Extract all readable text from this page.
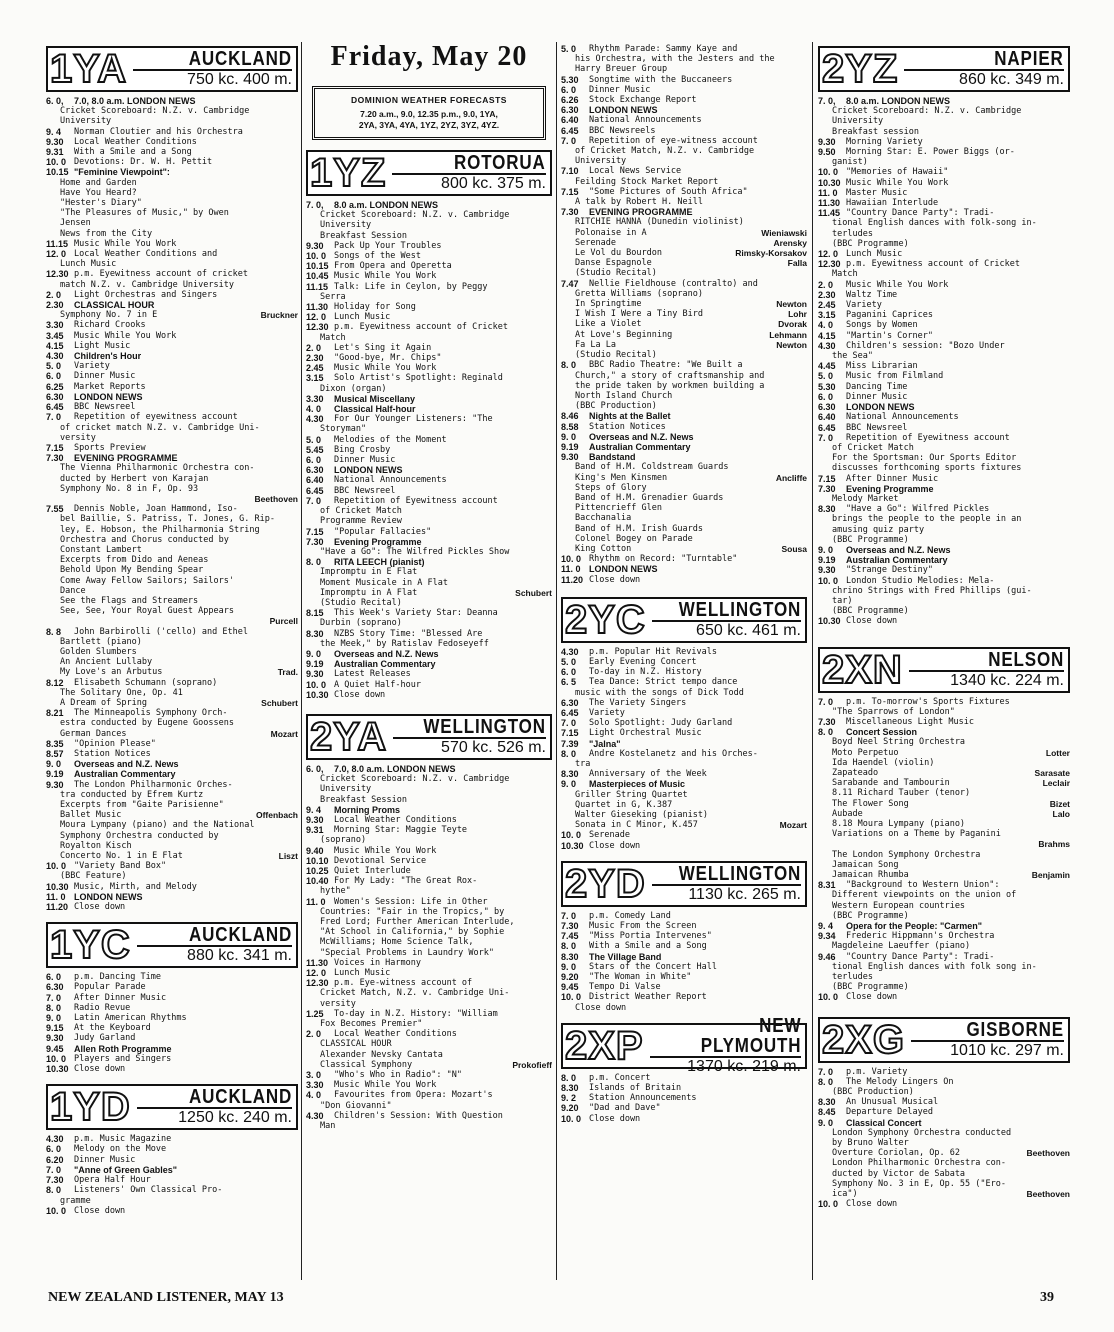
1YA	AUCKLAND
750 kc. 400 m.
6. 0,	7.0, 8.0 a.m. LONDON NEWS
Cricket Scoreboard: N.Z. v. Cambridge
University
9. 4	Norman Cloutier and his Orchestra
9.30	Local Weather Conditions
9.31	With a Smile and a Song
10. 0 Devotions: Dr. W. H. Pettit
10.15 "Feminine Viewpoint":
Home and Garden
Have You Heard?
"Hester's Diary"
"The Pleasures of Music," by Owen
Jensen
News from the City
11.15 Music While You Work
12. 0 Local Weather Conditions and
Lunch Music
12.30 p.m. Eyewitness account of cricket
match N.Z. v. Cambridge University
2. 0	Light Orchestras and Singers
2.30	CLASSICAL HOUR
Symphony No. 7 in E	Bruckner
3.30	Richard Crooks
3.45	Music While You Work
4.15	Light Music
4.30	Children's Hour
5. 0	Variety
6. 0	Dinner Music
6.25	Market Reports
6.30	LONDON NEWS
6.45	BBC Newsreel
7. 0	Repetition of eyewitness account
of cricket match N.Z. v. Cambridge Uni-
versity
7.15	Sports Preview
7.30	EVENING PROGRAMME
The Vienna Philharmonic Orchestra con-
ducted by Herbert von Karajan
Symphony No. 8 in F, Op. 93
Beethoven
7.55	Dennis Noble, Joan Hammond, Iso-
bel Baillie, S. Patriss, T. Jones, G. Rip-
ley, E. Hobson, the Philharmonia String
Orchestra and Chorus conducted by
Constant Lambert
Excerpts from Dido and Aeneas
Behold Upon My Bending Spear
Come Away Fellow Sailors; Sailors'
Dance
See the Flags and Streamers
See, See, Your Royal Guest Appears
Purcell
8. 8	John Barbirolli ('cello) and Ethel
Bartlett (piano)
Golden Slumbers
An Ancient Lullaby
My Love's an Arbutus	Trad.
8.12	Elisabeth Schumann (soprano)
The Solitary One, Op. 41
A Dream of Spring	Schubert
8.21	The Minneapolis Symphony Orch-
estra conducted by Eugene Goossens
German Dances	Mozart
8.35	"Opinion Please"
8.57	Station Notices
9. 0	Overseas and N.Z. News
9.19	Australian Commentary
9.30	The London Philharmonic Orches-
tra conducted by Efrem Kurtz
Excerpts from "Gaite Parisienne"
Ballet Music	Offenbach
Moura Lympany (piano) and the National
Symphony Orchestra conducted by
Royalton Kisch
Concerto No. 1 in E Flat	Liszt
10. 0 "Variety Band Box"
(BBC Feature)
10.30 Music, Mirth, and Melody
11. 0 LONDON NEWS
11.20 Close down
1YC	AUCKLAND
880 kc. 341 m.
6. 0	p.m. Dancing Time
6.30	Popular Parade
7. 0	After Dinner Music
8. 0	Radio Revue
9. 0	Latin American Rhythms
9.15	At the Keyboard
9.30	Judy Garland
9.45	Allen Roth Programme
10. 0 Players and Singers
10.30 Close down
1YD	AUCKLAND
1250 kc. 240 m.
4.30	p.m. Music Magazine
6. 0	Melody on the Move
6.20	Dinner Music
7. 0	"Anne of Green Gables"
7.30	Opera Half Hour
8. 0	Listeners' Own Classical Pro-
gramme
10. 0 Close down
Friday, May 20
DOMINION WEATHER FORECASTS
7.20 a.m., 9.0, 12.35 p.m., 9.0, 1YA,
2YA, 3YA, 4YA, 1YZ, 2YZ, 3YZ, 4YZ.
1YZ	ROTORUA
800 kc. 375 m.
7. 0,	8.0 a.m. LONDON NEWS
Cricket Scoreboard: N.Z. v. Cambridge
University
Breakfast Session
9.30	Pack Up Your Troubles
10. 0 Songs of the West
10.15 From Opera and Operetta
10.45 Music While You Work
11.15 Talk: Life in Ceylon, by Peggy
Serra
11.30 Holiday for Song
12. 0 Lunch Music
12.30 p.m. Eyewitness account of Cricket
Match
2. 0	Let's Sing it Again
2.30	"Good-bye, Mr. Chips"
2.45	Music While You Work
3.15	Solo Artist's Spotlight: Reginald
Dixon (organ)
3.30	Musical Miscellany
4. 0	Classical Half-hour
4.30	For Our Younger Listeners: "The
Storyman"
5. 0	Melodies of the Moment
5.45	Bing Crosby
6. 0	Dinner Music
6.30	LONDON NEWS
6.40	National Announcements
6.45	BBC Newsreel
7. 0	Repetition of Eyewitness account
of Cricket Match
Programme Review
7.15	"Popular Fallacies"
7.30	Evening Programme
"Have a Go": The Wilfred Pickles Show
8. 0	RITA LEECH (pianist)
Impromptu in E Flat
Moment Musicale in A Flat
Impromptu in A Flat	Schubert
(Studio Recital)
8.15	This Week's Variety Star: Deanna
Durbin (soprano)
8.30	NZBS Story Time: "Blessed Are
the Meek," by Ratislav Fedoseyeff
9. 0	Overseas and N.Z. News
9.19	Australian Commentary
9.30	Latest Releases
10. 0 A Quiet Half-hour
10.30 Close down
2YA	WELLINGTON
570 kc. 526 m.
6. 0,	7.0, 8.0 a.m. LONDON NEWS
Cricket Scoreboard: N.Z. v. Cambridge
University
Breakfast Session
9. 4	Morning Proms
9.30	Local Weather Conditions
9.31	Morning Star: Maggie Teyte
(soprano)
9.40	Music While You Work
10.10 Devotional Service
10.25 Quiet Interlude
10.40 For My Lady: "The Great Rox-
hythe"
11. 0 Women's Session: Life in Other
Countries: "Fair in the Tropics," by
Fred Lord; Further American Interlude,
"At School in California," by Sophie
McWilliams; Home Science Talk,
"Special Problems in Laundry Work"
11.30 Voices in Harmony
12. 0 Lunch Music
12.30 p.m. Eye-witness account of
Cricket Match, N.Z. v. Cambridge Uni-
versity
1.25	To-day in N.Z. History: "William
Fox Becomes Premier"
2. 0	Local Weather Conditions
CLASSICAL HOUR
Alexander Nevsky Cantata
Classical Symphony	Prokofieff
3. 0	"Who's Who in Radio": "N"
3.30	Music While You Work
4. 0	Favourites from Opera: Mozart's
"Don Giovanni"
4.30	Children's Session: With Question
Man
5. 0	Rhythm Parade: Sammy Kaye and
his Orchestra, with the Jesters and the
Harry Breuer Group
5.30	Songtime with the Buccaneers
6. 0	Dinner Music
6.26	Stock Exchange Report
6.30	LONDON NEWS
6.40	National Announcements
6.45	BBC Newsreels
7. 0	Repetition of eye-witness account
of Cricket Match, N.Z. v. Cambridge
University
7.10	Local News Service
Feilding Stock Market Report
7.15	"Some Pictures of South Africa"
A talk by Robert H. Neill
7.30	EVENING PROGRAMME
RITCHIE HANNA (Dunedin violinist)
Polonaise in A	Wieniawski
Serenade	Arensky
Le Vol du Bourdon	Rimsky-Korsakov
Danse Espagnole	Falla
(Studio Recital)
7.47	Nellie Fieldhouse (contralto) and
Gretta Williams (soprano)
In Springtime	Newton
I Wish I Were a Tiny Bird	Lohr
Like a Violet	Dvorak
At Love's Beginning	Lehmann
Fa La La	Newton
(Studio Recital)
8. 0	BBC Radio Theatre: "We Built a
Church," a story of craftsmanship and
the pride taken by workmen building a
North Island Church
(BBC Production)
8.46	Nights at the Ballet
8.58	Station Notices
9. 0	Overseas and N.Z. News
9.19	Australian Commentary
9.30	Bandstand
Band of H.M. Coldstream Guards
King's Men Kinsmen	Ancliffe
Steps of Glory
Band of H.M. Grenadier Guards
Pittencrieff Glen
Bacchanalia
Band of H.M. Irish Guards
Colonel Bogey on Parade
King Cotton	Sousa
10. 0 Rhythm on Record: "Turntable"
11. 0 LONDON NEWS
11.20 Close down
2YC	WELLINGTON
650 kc. 461 m.
4.30	p.m. Popular Hit Revivals
5. 0	Early Evening Concert
6. 0	To-day in N.Z. History
6. 5	Tea Dance: Strict tempo dance
music with the songs of Dick Todd
6.30	The Variety Singers
6.45	Variety
7. 0	Solo Spotlight: Judy Garland
7.15	Light Orchestral Music
7.39	"Jalna"
8. 0	Andre Kostelanetz and his Orches-
tra
8.30	Anniversary of the Week
9. 0	Masterpieces of Music
Griller String Quartet
Quartet in G, K.387
Walter Gieseking (pianist)
Sonata in C Minor, K.457	Mozart
10. 0 Serenade
10.30 Close down
2YD	WELLINGTON
1130 kc. 265 m.
7. 0	p.m. Comedy Land
7.30	Music From the Screen
7.45	"Miss Portia Intervenes"
8. 0	With a Smile and a Song
8.30	The Village Band
9. 0	Stars of the Concert Hall
9.20	"The Woman in White"
9.45	Tempo Di Valse
10. 0 District Weather Report
Close down
2XP	NEW PLYMOUTH
1370 kc. 219 m.
8. 0	p.m. Concert
8.30	Islands of Britain
9. 2	Station Announcements
9.20	"Dad and Dave"
10. 0 Close down
2YZ	NAPIER
860 kc. 349 m.
7. 0,	8.0 a.m. LONDON NEWS
Cricket Scoreboard: N.Z. v. Cambridge
University
Breakfast session
9.30	Morning Variety
9.50	Morning Star: E. Power Biggs (or-
ganist)
10. 0 "Memories of Hawaii"
10.30 Music While You Work
11. 0 Master Music
11.30 Hawaiian Interlude
11.45 "Country Dance Party": Tradi-
tional English dances with folk-song in-
terludes
(BBC Programme)
12. 0 Lunch Music
12.30 p.m. Eyewitness account of Cricket
Match
2. 0	Music While You Work
2.30	Waltz Time
2.45	Variety
3.15	Paganini Caprices
4. 0	Songs by Women
4.15	"Martin's Corner"
4.30	Children's session: "Bozo Under
the Sea"
4.45	Miss Librarian
5. 0	Music from Filmland
5.30	Dancing Time
6. 0	Dinner Music
6.30	LONDON NEWS
6.40	National Announcements
6.45	BBC Newsreel
7. 0	Repetition of Eyewitness account
of Cricket Match
For the Sportsman: Our Sports Editor
discusses forthcoming sports fixtures
7.15	After Dinner Music
7.30	Evening Programme
Melody Market
8.30	"Have a Go": Wilfred Pickles
brings the people to the people in an
amusing quiz party
(BBC Programme)
9. 0	Overseas and N.Z. News
9.19	Australian Commentary
9.30	"Strange Destiny"
10. 0 London Studio Melodies: Mela-
chrino Strings with Fred Phillips (gui-
tar)
(BBC Programme)
10.30 Close down
2XN	NELSON
1340 kc. 224 m.
7. 0	p.m. To-morrow's Sports Fixtures
"The Sparrows of London"
7.30	Miscellaneous Light Music
8. 0	Concert Session
Boyd Neel String Orchestra
Moto Perpetuo	Lotter
Ida Haendel (violin)
Zapateado	Sarasate
Sarabande and Tambourin	Leclair
8.11 Richard Tauber (tenor)
The Flower Song	Bizet
Aubade	Lalo
8.18 Moura Lympany (piano)
Variations on a Theme by Paganini
Brahms
The London Symphony Orchestra
Jamaican Song
Jamaican Rhumba	Benjamin
8.31	"Background to Western Union":
Different viewpoints on the union of
Western European countries
(BBC Programme)
9. 4	Opera for the People: "Carmen"
9.34	Frederic Hippmann's Orchestra
Magdeleine Laeuffer (piano)
9.46	"Country Dance Party": Tradi-
tional English dances with folk song in-
terludes
(BBC Programme)
10. 0 Close down
2XG	GISBORNE
1010 kc. 297 m.
7. 0	p.m. Variety
8. 0	The Melody Lingers On
(BBC Production)
8.30	An Unusual Musical
8.45	Departure Delayed
9. 0	Classical Concert
London Symphony Orchestra conducted
by Bruno Walter
Overture Coriolan, Op. 62	Beethoven
London Philharmonic Orchestra con-
ducted by Victor de Sabata
Symphony No. 3 in E, Op. 55 ("Ero-
ica")	Beethoven
10. 0 Close down
NEW ZEALAND LISTENER, MAY 13	39
